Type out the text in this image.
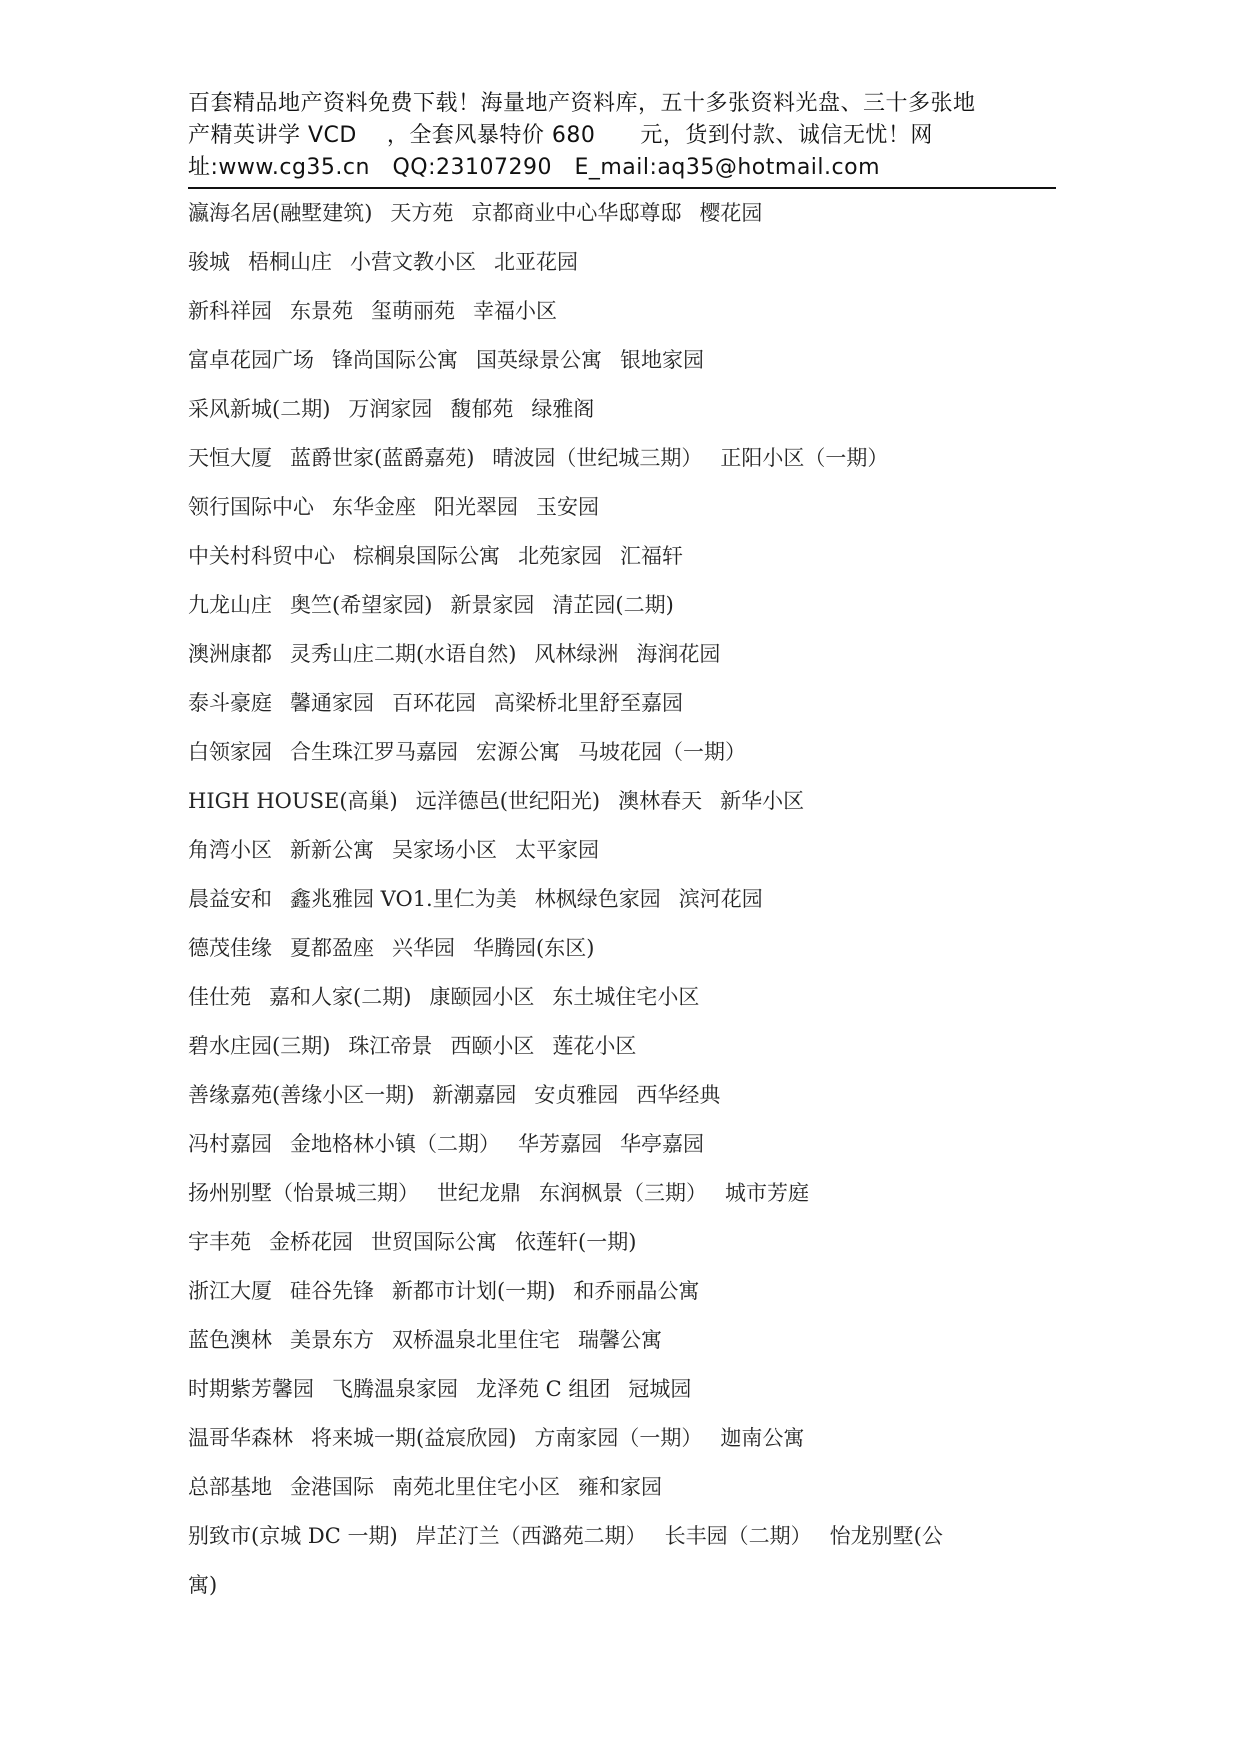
百套精品地产资料免费下载！海量地产资料库，五十多张资料光盘、三十多张地
产精英讲学 VCD　 ，全套风暴特价 680　　元，货到付款、诚信无忧！网
址:www.cg35.cn　QQ:23107290　E_mail:aq35@hotmail.com
瀛海名居(融墅建筑) 天方苑 京都商业中心华邸尊邸 樱花园
骏城 梧桐山庄 小营文教小区 北亚花园
新科祥园 东景苑 玺萌丽苑 幸福小区
富卓花园广场 锋尚国际公寓 国英绿景公寓 银地家园
采风新城(二期) 万润家园 馥郁苑 绿雅阁
天恒大厦 蓝爵世家(蓝爵嘉苑) 晴波园（世纪城三期） 正阳小区（一期）
领行国际中心 东华金座 阳光翠园 玉安园
中关村科贸中心 棕榈泉国际公寓 北苑家园 汇福轩
九龙山庄 奥竺(希望家园) 新景家园 清芷园(二期)
澳洲康都 灵秀山庄二期(水语自然) 风林绿洲 海润花园
泰斗豪庭 馨通家园 百环花园 高梁桥北里舒至嘉园
白领家园 合生珠江罗马嘉园 宏源公寓 马坡花园（一期）
HIGH HOUSE(高巢) 远洋德邑(世纪阳光) 澳林春天 新华小区
角湾小区 新新公寓 吴家场小区 太平家园
晨益安和 鑫兆雅园 VO1.里仁为美 林枫绿色家园 滨河花园
德茂佳缘 夏都盈座 兴华园 华腾园(东区)
佳仕苑 嘉和人家(二期) 康颐园小区 东土城住宅小区
碧水庄园(三期) 珠江帝景 西颐小区 莲花小区
善缘嘉苑(善缘小区一期) 新潮嘉园 安贞雅园 西华经典
冯村嘉园 金地格林小镇（二期） 华芳嘉园 华亭嘉园
扬州别墅（怡景城三期） 世纪龙鼎 东润枫景（三期） 城市芳庭
宇丰苑 金桥花园 世贸国际公寓 依莲轩(一期)
浙江大厦 硅谷先锋 新都市计划(一期) 和乔丽晶公寓
蓝色澳林 美景东方 双桥温泉北里住宅 瑞馨公寓
时期紫芳馨园 飞腾温泉家园 龙泽苑 C 组团 冠城园
温哥华森林 将来城一期(益宸欣园) 方南家园（一期） 迦南公寓
总部基地 金港国际 南苑北里住宅小区 雍和家园
别致市(京城 DC 一期) 岸芷汀兰（西潞苑二期） 长丰园（二期） 怡龙别墅(公
寓)
